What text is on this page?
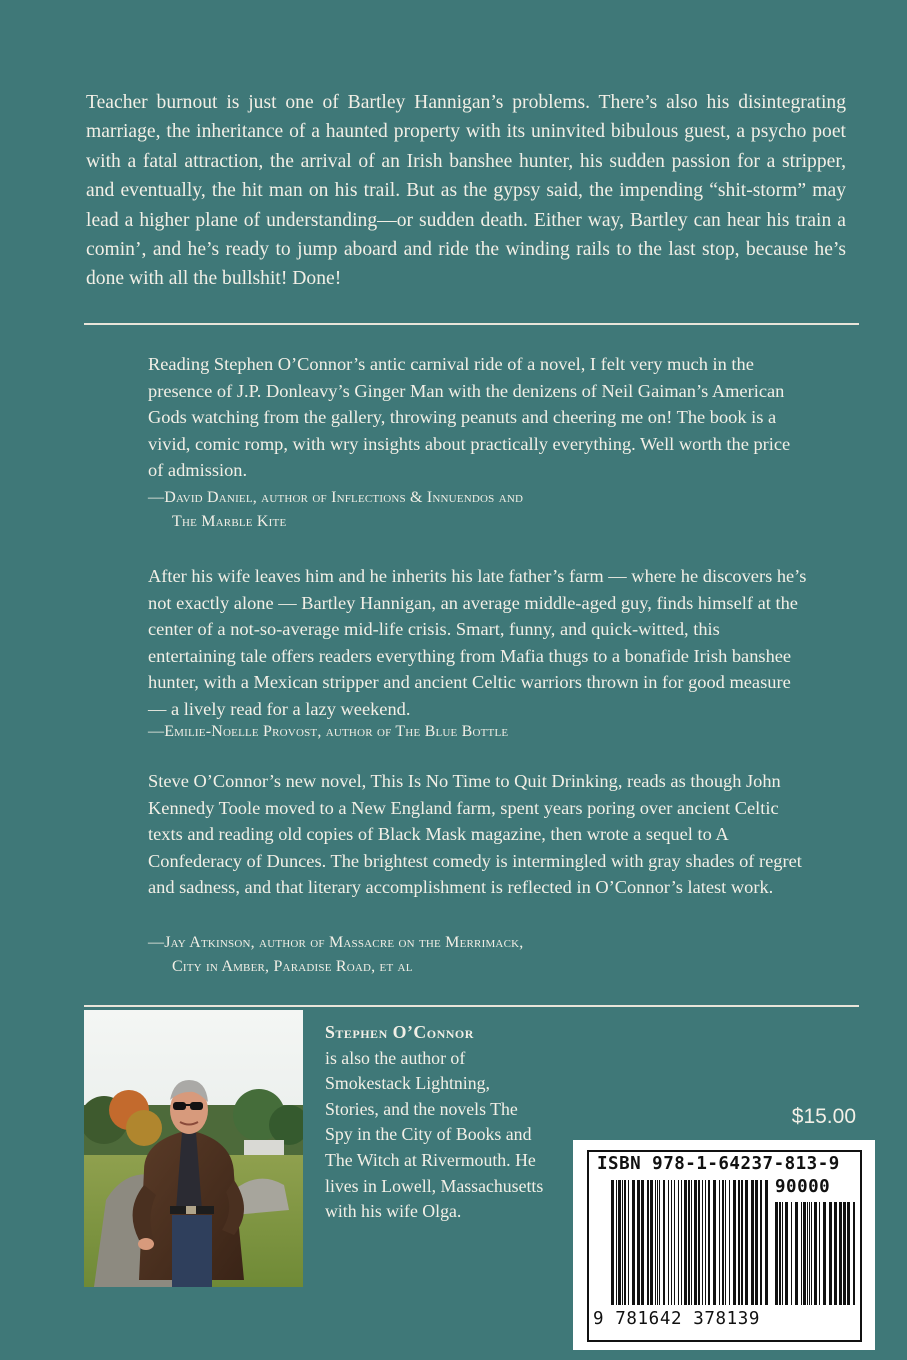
Teacher burnout is just one of Bartley Hannigan’s problems. There’s also his disintegrating marriage, the inheritance of a haunted property with its uninvited bibulous guest, a psycho poet with a fatal attraction, the arrival of an Irish banshee hunter, his sudden passion for a stripper, and eventually, the hit man on his trail. But as the gypsy said, the impending “shit-storm” may lead a higher plane of understanding—or sudden death. Either way, Bartley can hear his train a comin’, and he’s ready to jump aboard and ride the winding rails to the last stop, because he’s done with all the bullshit! Done!

Reading Stephen O’Connor’s antic carnival ride of a novel, I felt very much in the presence of J.P. Donleavy’s Ginger Man with the denizens of Neil Gaiman’s American Gods watching from the gallery, throwing peanuts and cheering me on! The book is a vivid, comic romp, with wry insights about practically everything. Well worth the price of admission.

—David Daniel, author of Inflections & Innuendos and
The Marble Kite

After his wife leaves him and he inherits his late father’s farm — where he discovers he’s not exactly alone — Bartley Hannigan, an average middle-aged guy, finds himself at the center of a not-so-average mid-life crisis. Smart, funny, and quick-witted, this entertaining tale offers readers everything from Mafia thugs to a bonafide Irish banshee hunter, with a Mexican stripper and ancient Celtic warriors thrown in for good measure — a lively read for a lazy weekend.

—Emilie-Noelle Provost, author of The Blue Bottle

Steve O’Connor’s new novel, This Is No Time to Quit Drinking, reads as though John Kennedy Toole moved to a New England farm, spent years poring over ancient Celtic texts and reading old copies of Black Mask magazine, then wrote a sequel to A Confederacy of Dunces. The brightest comedy is intermingled with gray shades of regret and sadness, and that literary accomplishment is reflected in O’Connor’s latest work.

—Jay Atkinson, author of Massacre on the Merrimack,
City in Amber, Paradise Road, et al

Stephen O’Connor
is also the author of Smokestack Lightning, Stories, and the novels The Spy in the City of Books and The Witch at Rivermouth. He lives in Lowell, Massachusetts with his wife Olga.

$15.00
ISBN 978-1-64237-813-9
90000
9 781642 378139
